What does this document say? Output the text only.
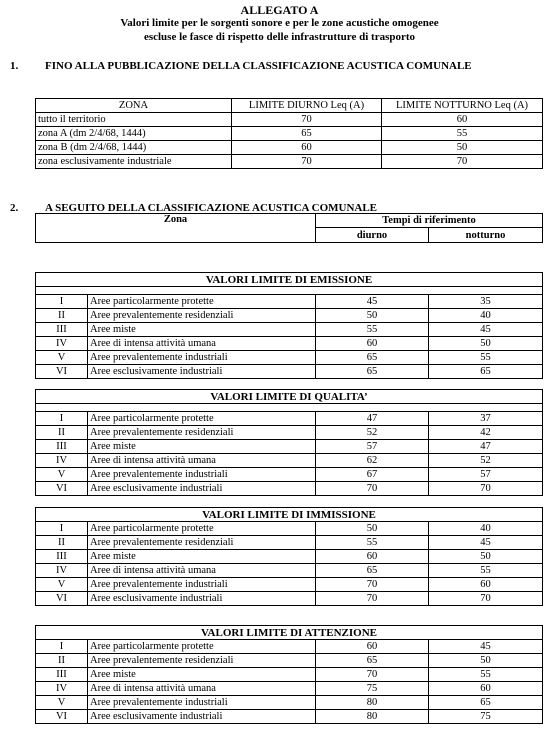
ALLEGATO A
Valori limite per le sorgenti sonore e per le zone acustiche omogenee
escluse le fasce di rispetto delle infrastrutture di trasporto
1. FINO ALLA PUBBLICAZIONE DELLA CLASSIFICAZIONE ACUSTICA COMUNALE
ZONA	LIMITE DIURNO Leq (A)	LIMITE NOTTURNO Leq (A)
tutto il territorio	70	60
zona A (dm 2/4/68, 1444)	65	55
zona B (dm 2/4/68, 1444)	60	50
zona esclusivamente industriale	70	70
2. A SEGUITO DELLA CLASSIFICAZIONE ACUSTICA COMUNALE
Zona	Tempi di riferimento	
	diurno	notturno
VALORI LIMITE DI EMISSIONE			

I	Aree particolarmente protette	45	35
II	Aree prevalentemente residenziali	50	40
III	Aree miste	55	45
IV	Aree di intensa attività umana	60	50
V	Aree prevalentemente industriali	65	55
VI	Aree esclusivamente industriali	65	65
VALORI LIMITE DI QUALITA’			

I	Aree particolarmente protette	47	37
II	Aree prevalentemente residenziali	52	42
III	Aree miste	57	47
IV	Aree di intensa attività umana	62	52
V	Aree prevalentemente industriali	67	57
VI	Aree esclusivamente industriali	70	70
VALORI LIMITE DI IMMISSIONE			
I	Aree particolarmente protette	50	40
II	Aree prevalentemente residenziali	55	45
III	Aree miste	60	50
IV	Aree di intensa attività umana	65	55
V	Aree prevalentemente industriali	70	60
VI	Aree esclusivamente industriali	70	70
VALORI LIMITE DI ATTENZIONE			
I	Aree particolarmente protette	60	45
II	Aree prevalentemente residenziali	65	50
III	Aree miste	70	55
IV	Aree di intensa attività umana	75	60
V	Aree prevalentemente industriali	80	65
VI	Aree esclusivamente industriali	80	75
